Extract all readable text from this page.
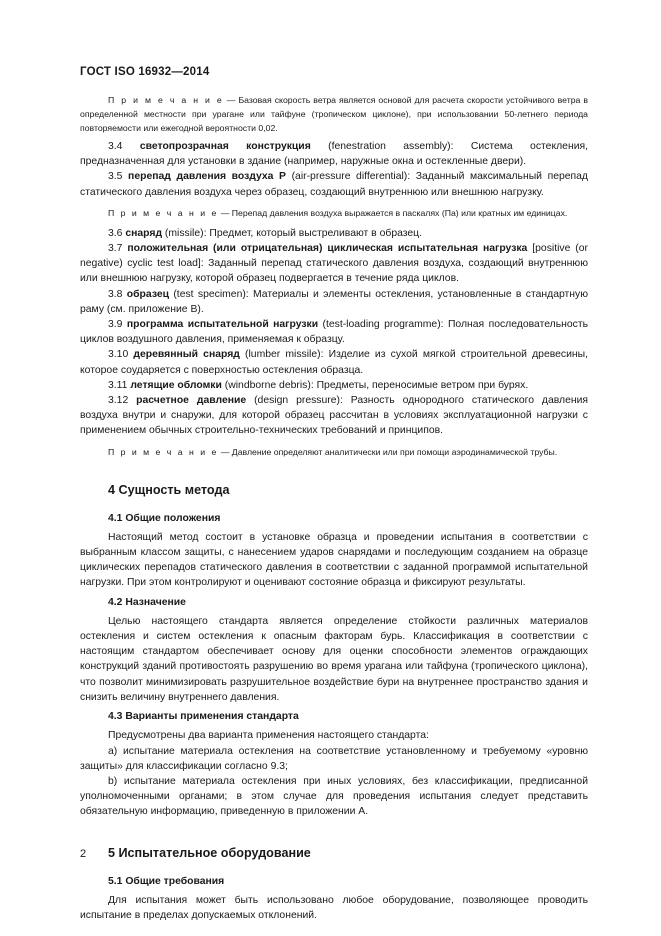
ГОСТ ISO 16932—2014

П р и м е ч а н и е — Базовая скорость ветра является основой для расчета скорости устойчивого ветра в определенной местности при урагане или тайфуне (тропическом циклоне), при использовании 50-летнего периода повторяемости или ежегодной вероятности 0,02.

3.4 светопрозрачная конструкция (fenestration assembly): Система остекления, предназначенная для установки в здание (например, наружные окна и остекленные двери).

3.5 перепад давления воздуха P (air-pressure differential): Заданный максимальный перепад статического давления воздуха через образец, создающий внутреннюю или внешнюю нагрузку.

П р и м е ч а н и е — Перепад давления воздуха выражается в паскалях (Па) или кратных им единицах.

3.6 снаряд (missile): Предмет, который выстреливают в образец.

3.7 положительная (или отрицательная) циклическая испытательная нагрузка [positive (or negative) cyclic test load]: Заданный перепад статического давления воздуха, создающий внутреннюю или внешнюю нагрузку, которой образец подвергается в течение ряда циклов.

3.8 образец (test specimen): Материалы и элементы остекления, установленные в стандартную раму (см. приложение В).

3.9 программа испытательной нагрузки (test-loading programme): Полная последовательность циклов воздушного давления, применяемая к образцу.

3.10 деревянный снаряд (lumber missile): Изделие из сухой мягкой строительной древесины, которое соударяется с поверхностью остекления образца.

3.11 летящие обломки (windborne debris): Предметы, переносимые ветром при бурях.

3.12 расчетное давление (design pressure): Разность однородного статического давления воздуха внутри и снаружи, для которой образец рассчитан в условиях эксплуатационной нагрузки с применением обычных строительно-технических требований и принципов.

П р и м е ч а н и е — Давление определяют аналитически или при помощи аэродинамической трубы.

4 Сущность метода
4.1 Общие положения

Настоящий метод состоит в установке образца и проведении испытания в соответствии с выбранным классом защиты, с нанесением ударов снарядами и последующим созданием на образце циклических перепадов статического давления в соответствии с заданной программой испытательной нагрузки. При этом контролируют и оценивают состояние образца и фиксируют результаты.

4.2 Назначение

Целью настоящего стандарта является определение стойкости различных материалов остекления и систем остекления к опасным факторам бурь. Классификация в соответствии с настоящим стандартом обеспечивает основу для оценки способности элементов ограждающих конструкций зданий противостоять разрушению во время урагана или тайфуна (тропического циклона), что позволит минимизировать разрушительное воздействие бури на внутреннее пространство здания и снизить величину внутреннего давления.

4.3 Варианты применения стандарта

Предусмотрены два варианта применения настоящего стандарта:

а) испытание материала остекления на соответствие установленному и требуемому «уровню защиты» для классификации согласно 9.3;

b) испытание материала остекления при иных условиях, без классификации, предписанной уполномоченными органами; в этом случае для проведения испытания следует представить обязательную информацию, приведенную в приложении А.

5 Испытательное оборудование
5.1 Общие требования

Для испытания может быть использовано любое оборудование, позволяющее проводить испытание в пределах допускаемых отклонений.

2
